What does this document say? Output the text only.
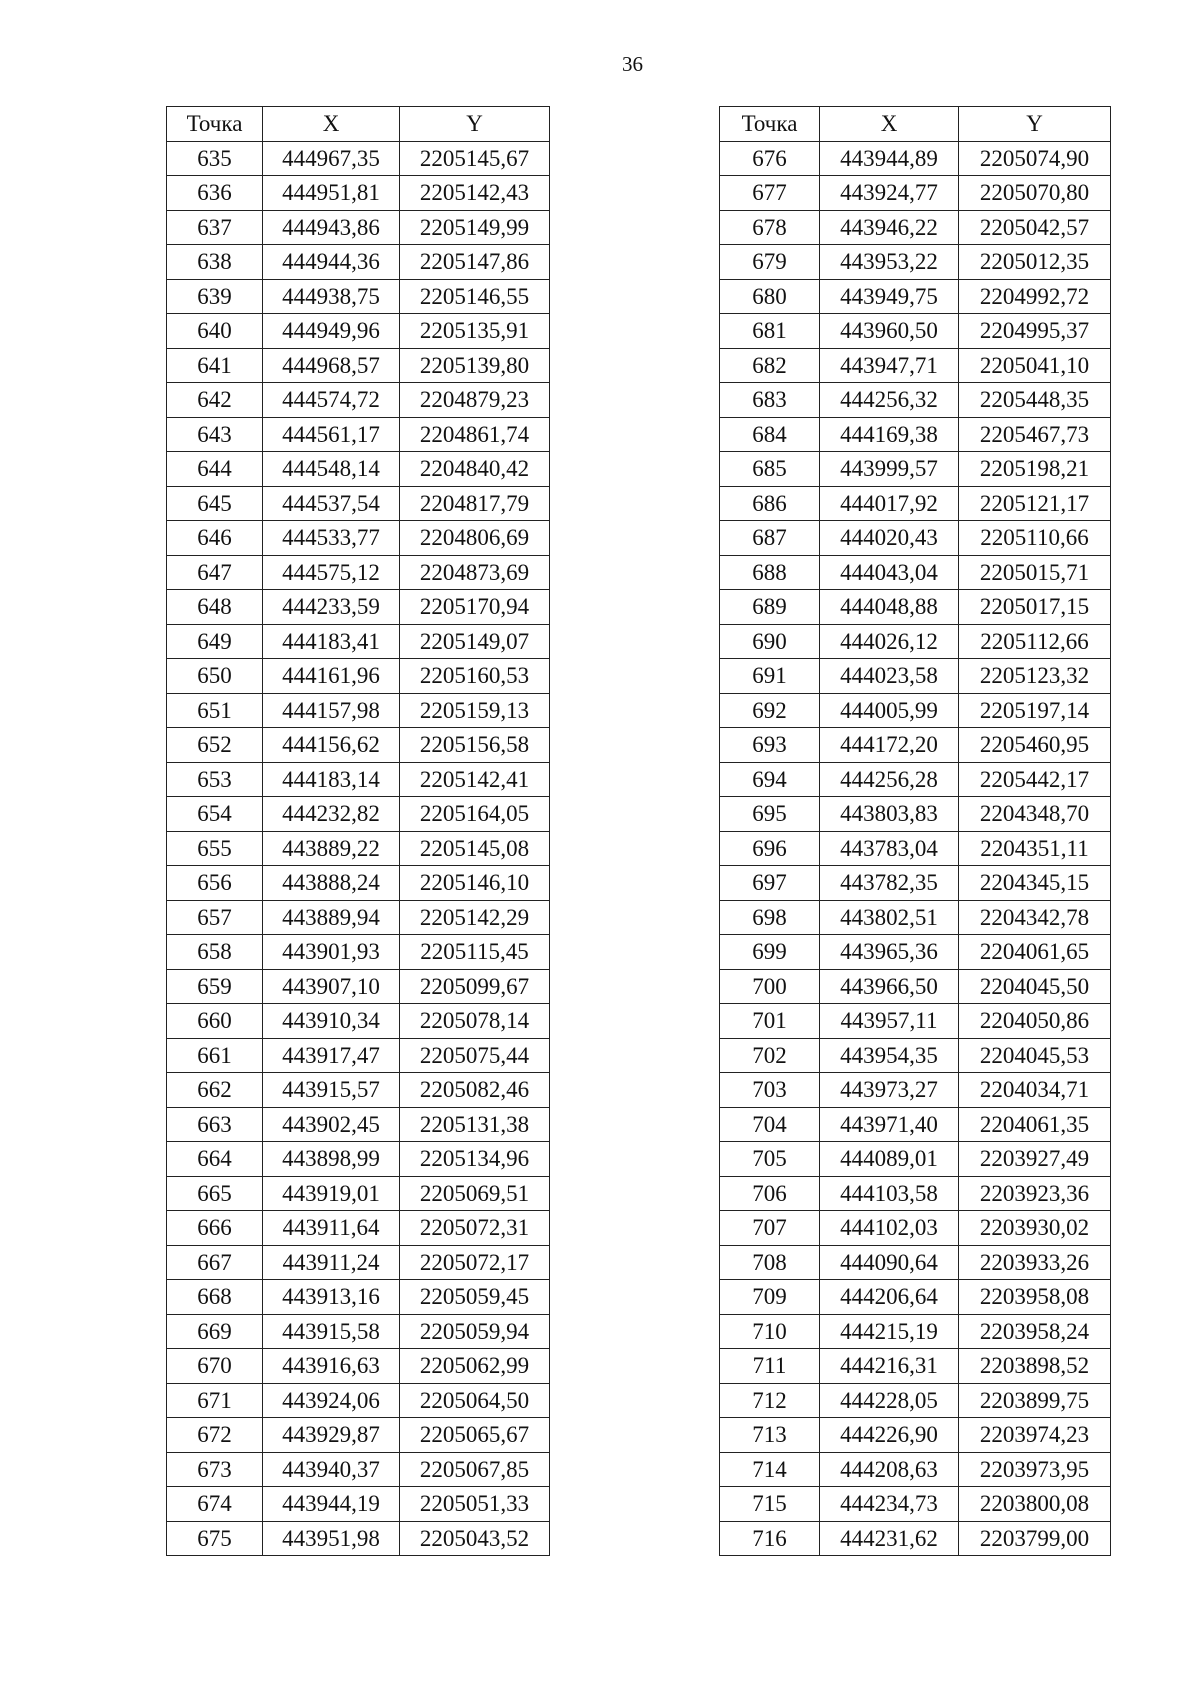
36
Точка	X	Y
635	444967,35	2205145,67
636	444951,81	2205142,43
637	444943,86	2205149,99
638	444944,36	2205147,86
639	444938,75	2205146,55
640	444949,96	2205135,91
641	444968,57	2205139,80
642	444574,72	2204879,23
643	444561,17	2204861,74
644	444548,14	2204840,42
645	444537,54	2204817,79
646	444533,77	2204806,69
647	444575,12	2204873,69
648	444233,59	2205170,94
649	444183,41	2205149,07
650	444161,96	2205160,53
651	444157,98	2205159,13
652	444156,62	2205156,58
653	444183,14	2205142,41
654	444232,82	2205164,05
655	443889,22	2205145,08
656	443888,24	2205146,10
657	443889,94	2205142,29
658	443901,93	2205115,45
659	443907,10	2205099,67
660	443910,34	2205078,14
661	443917,47	2205075,44
662	443915,57	2205082,46
663	443902,45	2205131,38
664	443898,99	2205134,96
665	443919,01	2205069,51
666	443911,64	2205072,31
667	443911,24	2205072,17
668	443913,16	2205059,45
669	443915,58	2205059,94
670	443916,63	2205062,99
671	443924,06	2205064,50
672	443929,87	2205065,67
673	443940,37	2205067,85
674	443944,19	2205051,33
675	443951,98	2205043,52
Точка	X	Y
676	443944,89	2205074,90
677	443924,77	2205070,80
678	443946,22	2205042,57
679	443953,22	2205012,35
680	443949,75	2204992,72
681	443960,50	2204995,37
682	443947,71	2205041,10
683	444256,32	2205448,35
684	444169,38	2205467,73
685	443999,57	2205198,21
686	444017,92	2205121,17
687	444020,43	2205110,66
688	444043,04	2205015,71
689	444048,88	2205017,15
690	444026,12	2205112,66
691	444023,58	2205123,32
692	444005,99	2205197,14
693	444172,20	2205460,95
694	444256,28	2205442,17
695	443803,83	2204348,70
696	443783,04	2204351,11
697	443782,35	2204345,15
698	443802,51	2204342,78
699	443965,36	2204061,65
700	443966,50	2204045,50
701	443957,11	2204050,86
702	443954,35	2204045,53
703	443973,27	2204034,71
704	443971,40	2204061,35
705	444089,01	2203927,49
706	444103,58	2203923,36
707	444102,03	2203930,02
708	444090,64	2203933,26
709	444206,64	2203958,08
710	444215,19	2203958,24
711	444216,31	2203898,52
712	444228,05	2203899,75
713	444226,90	2203974,23
714	444208,63	2203973,95
715	444234,73	2203800,08
716	444231,62	2203799,00
